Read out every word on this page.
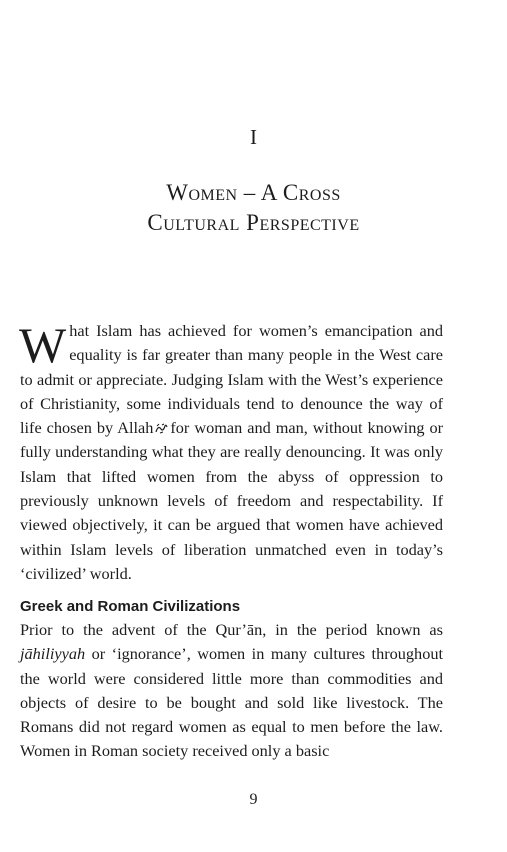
I
Women – A Cross
Cultural Perspective
What Islam has achieved for women’s emancipation and equality is far greater than many people in the West care to admit or appreciate. Judging Islam with the West’s experience of Christianity, some individuals tend to denounce the way of life chosen by Allah for woman and man, without knowing or fully understanding what they are really denouncing. It was only Islam that lifted women from the abyss of oppression to previously unknown levels of freedom and respectability. If viewed objectively, it can be argued that women have achieved within Islam levels of liberation unmatched even in today’s ‘civilized’ world.
Greek and Roman Civilizations
Prior to the advent of the Qur’ān, in the period known as jāhiliyyah or ‘ignorance’, women in many cultures throughout the world were considered little more than commodities and objects of desire to be bought and sold like livestock. The Romans did not regard women as equal to men before the law. Women in Roman society received only a basic
9
